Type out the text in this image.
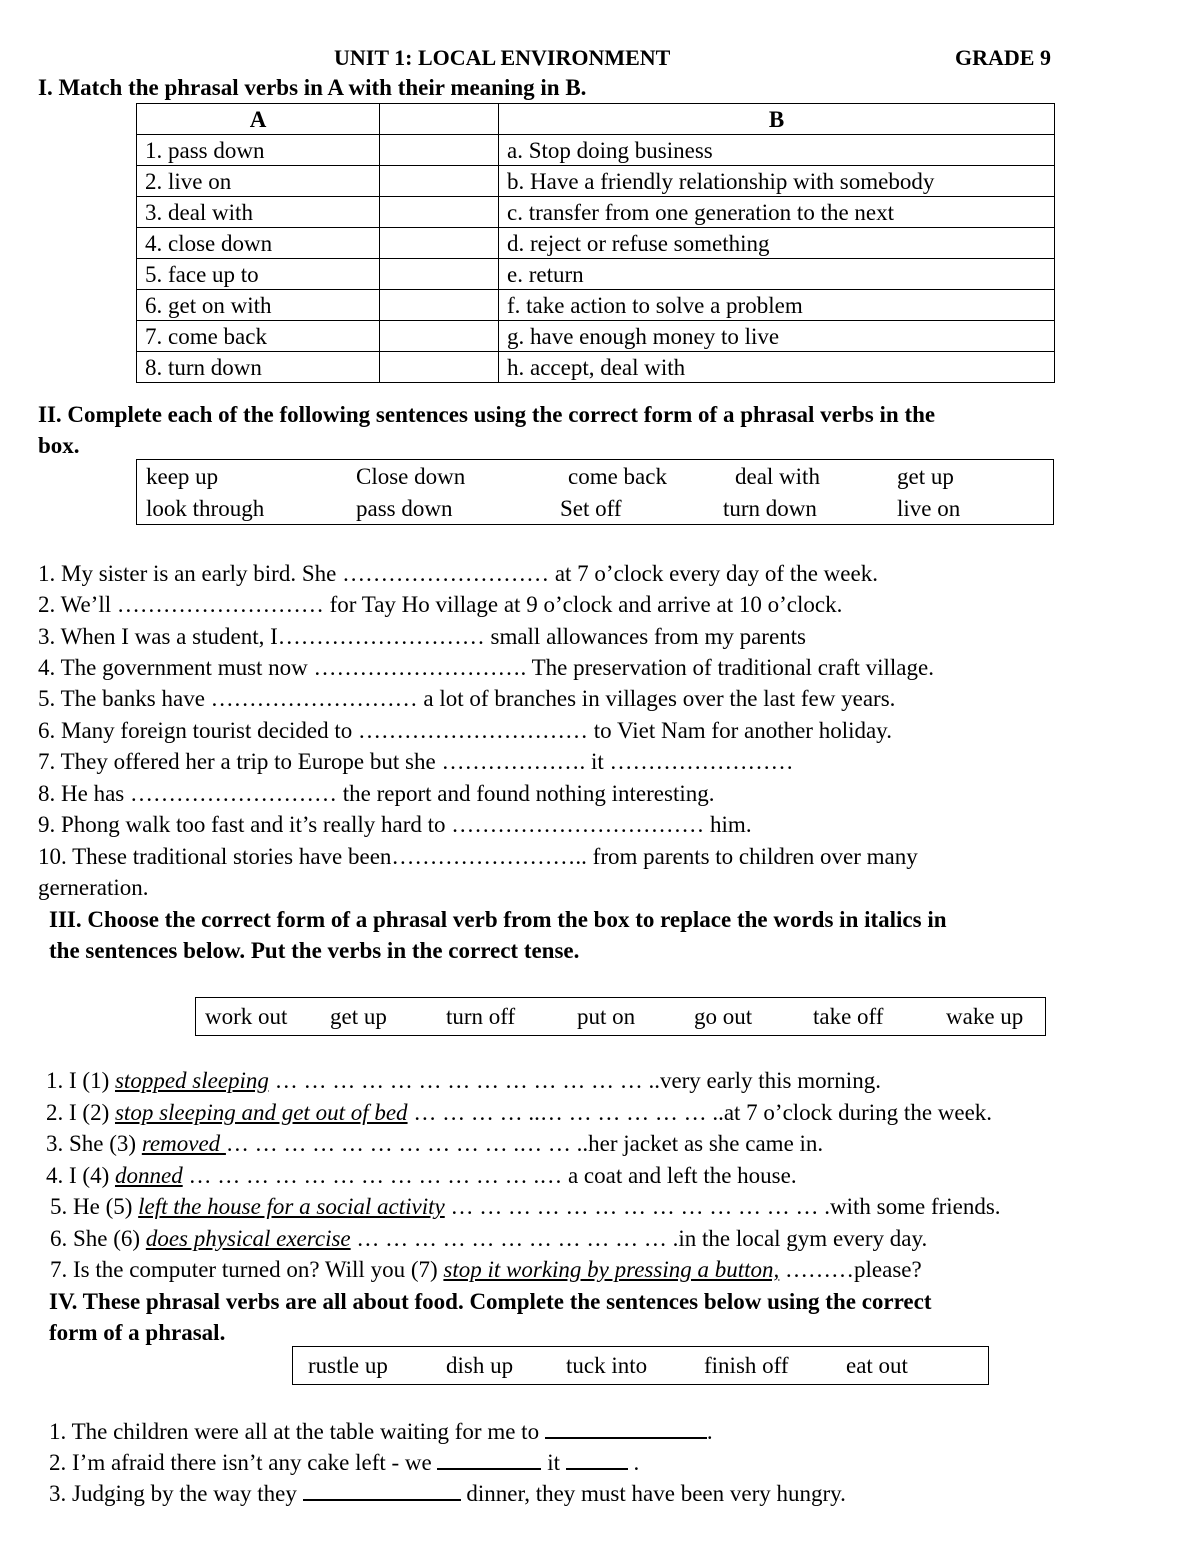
UNIT 1: LOCAL ENVIRONMENT	GRADE 9
I. Match the phrasal verbs in A with their meaning in B.
A		B
1. pass down		a. Stop doing business
2. live on		b. Have a friendly relationship with somebody
3. deal with		c. transfer from one generation to the next
4. close down		d. reject or refuse something
5. face up to		e. return
6. get on with		f. take action to solve a problem
7. come back		g. have enough money to live
8. turn down		h. accept, deal with
II. Complete each of the following sentences using the correct form of a phrasal verbs in the
box.
keep up	Close down	come back	deal with	get up
look through	pass down	Set off	turn down	live on
1. My sister is an early bird. She ……………………… at 7 o’clock every day of the week.
2. We’ll ……………………… for Tay Ho village at 9 o’clock and arrive at 10 o’clock.
3. When I was a student, I……………………… small allowances from my parents
4. The government must now ………………………. The preservation of traditional craft village.
5. The banks have ……………………… a lot of branches in villages over the last few years.
6. Many foreign tourist decided to ………………………… to Viet Nam for another holiday.
7. They offered her a trip to Europe but she ………………. it ……………………
8. He has ……………………… the report and found nothing interesting.
9. Phong walk too fast and it’s really hard to …………………………… him.
10. These traditional stories have been…………………….. from parents to children over many
gerneration.
III. Choose the correct form of a phrasal verb from the box to replace the words in italics in
the sentences below. Put the verbs in the correct tense.
work out get up	turn off	put on	go out	take off	wake up
1. I (1) stopped sleeping … … … … … … … … … … … … … ..very early this morning.
2. I (2) stop sleeping and get out of bed … … … … ..… … … … … … ..at 7 o’clock during the week.
3. She (3) removed … … … … … … … … … … .… … ..her jacket as she came in.
4. I (4) donned … … … … … … … … … … … … .… a coat and left the house.
5. He (5) left the house for a social activity … … … … … … … … … … … … … .with some friends.
6. She (6) does physical exercise … … … … … … … … … … … .in the local gym every day.
7. Is the computer turned on? Will you (7) stop it working by pressing a button, ………please?
IV. These phrasal verbs are all about food. Complete the sentences below using the correct
form of a phrasal.
rustle up	dish up tuck into finish off eat out
1. The children were all at the table waiting for me to	.
2. I’m afraid there isn’t any cake left - we	it	.
3. Judging by the way they	dinner, they must have been very hungry.
